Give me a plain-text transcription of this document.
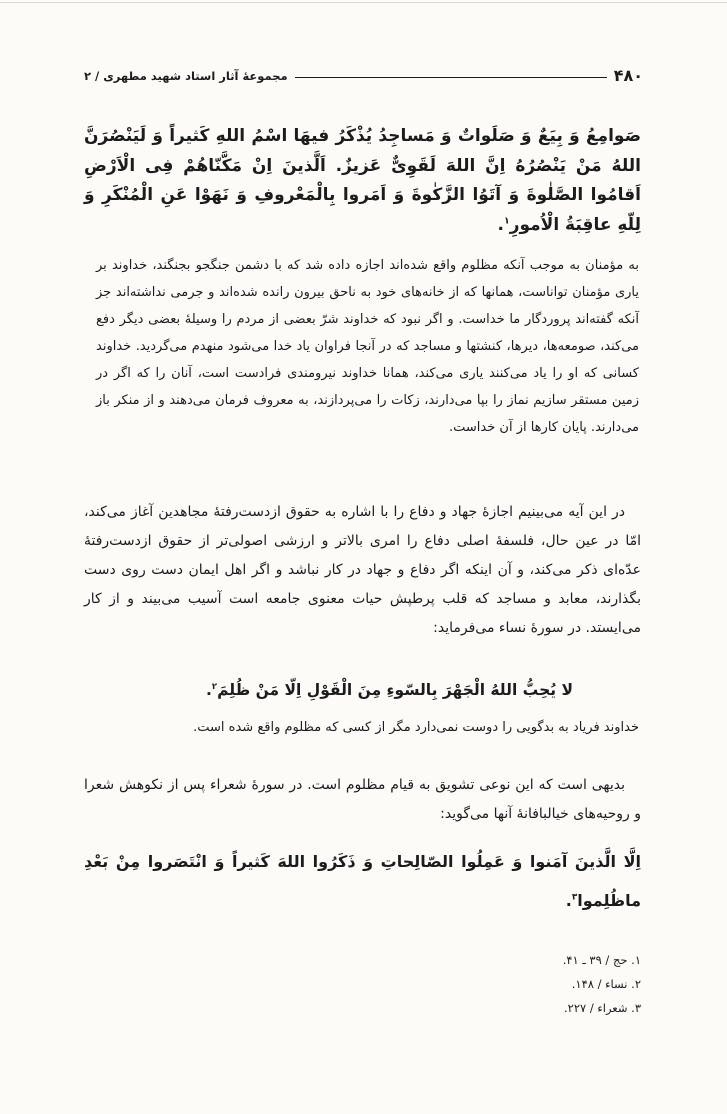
۴۸۰
مجموعهٔ آثار استاد شهید مطهری / ۲

صَوامِعُ وَ بِیَعٌ وَ صَلَواتٌ وَ مَساجِدُ یُذْکَرُ فیهَا اسْمُ اللهِ کَثیراً وَ لَیَنْصُرَنَّ اللهُ مَنْ یَنْصُرُهُ اِنَّ اللهَ لَقَوِیٌّ عَزیزٌ. اَلَّذینَ اِنْ مَکَّنّاهُمْ فِی الْاَرْضِ اَقامُوا الصَّلٰوةَ وَ آتَوُا الزَّکٰوةَ وَ اَمَروا بِالْمَعْروفِ وَ نَهَوْا عَنِ الْمُنْکَرِ وَ لِلّهِ عاقِبَةُ الْاُمورِ$^۱$.

به مؤمنان به موجب آنکه مظلوم واقع شده‌اند اجازه داده شد که با دشمن جنگجو بجنگند، خداوند بر یاری مؤمنان تواناست، همانها که از خانه‌های خود به ناحق بیرون رانده شده‌اند و جرمی نداشته‌اند جز آنکه گفته‌اند پروردگار ما خداست. و اگر نبود که خداوند شرّ بعضی از مردم را وسیلهٔ بعضی دیگر دفع می‌کند، صومعه‌ها، دیرها، کنشتها و مساجد که در آنجا فراوان یاد خدا می‌شود منهدم می‌گردید. خداوند کسانی که او را یاد می‌کنند یاری می‌کند، همانا خداوند نیرومندی فرادست است، آنان را که اگر در زمین مستقر سازیم نماز را بپا می‌دارند، زکات را می‌پردازند، به معروف فرمان می‌دهند و از منکر باز می‌دارند. پایان کارها از آن خداست.

در این آیه می‌بینیم اجازهٔ جهاد و دفاع را با اشاره به حقوق ازدست‌رفتهٔ مجاهدین آغاز می‌کند، امّا در عین حال، فلسفهٔ اصلی دفاع را امری بالاتر و ارزشی اصولی‌تر از حقوق ازدست‌رفتهٔ عدّه‌ای ذکر می‌کند، و آن اینکه اگر دفاع و جهاد در کار نباشد و اگر اهل ایمان دست روی دست بگذارند، معابد و مساجد که قلب پرطپش حیات معنوی جامعه است آسیب می‌بیند و از کار می‌ایستد. در سورهٔ نساء می‌فرماید:

لا یُحِبُّ اللهُ الْجَهْرَ بِالسّوءِ مِنَ الْقَوْلِ اِلّا مَنْ ظُلِمَ$^۲$.

خداوند فریاد به بدگویی را دوست نمی‌دارد مگر از کسی که مظلوم واقع شده است.

بدیهی است که این نوعی تشویق به قیام مظلوم است. در سورهٔ شعراء پس از نکوهش شعرا و روحیه‌های خیالبافانهٔ آنها می‌گوید:

اِلَّا الَّذینَ آمَنوا وَ عَمِلُوا الصّالِحاتِ وَ ذَکَرُوا اللهَ کَثیراً وَ انْتَصَروا مِنْ بَعْدِ ماظُلِموا$^۳$.

۱. حج / ۳۹ ـ ۴۱.
۲. نساء / ۱۴۸.
۳. شعراء / ۲۲۷.
